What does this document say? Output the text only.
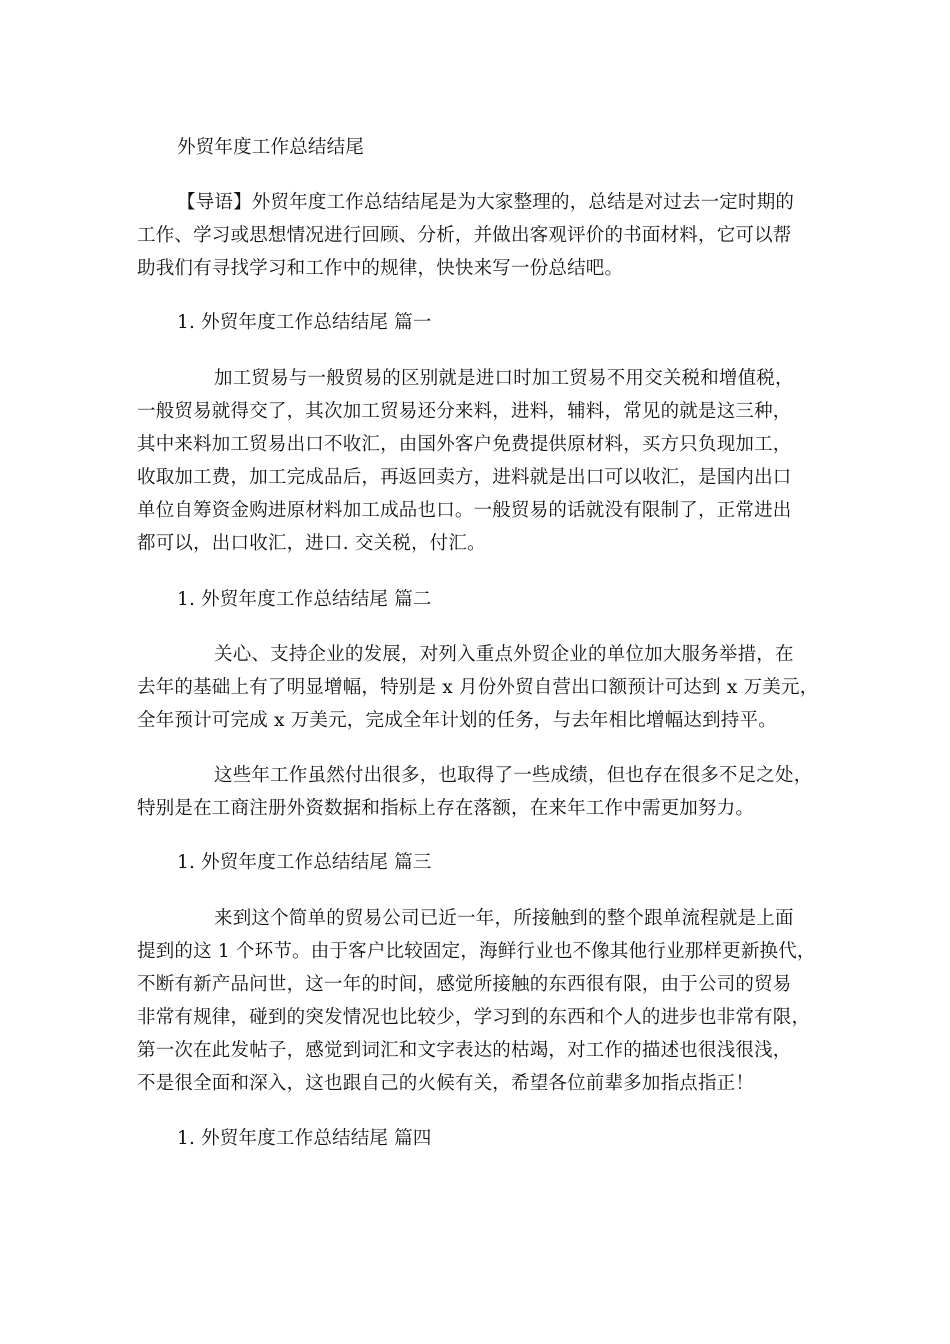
外贸年度工作总结结尾
【导语】外贸年度工作总结结尾是为大家整理的，总结是对过去一定时期的
工作、学习或思想情况进行回顾、分析，并做出客观评价的书面材料，它可以帮
助我们有寻找学习和工作中的规律，快快来写一份总结吧。
1. 外贸年度工作总结结尾 篇一
加工贸易与一般贸易的区别就是进口时加工贸易不用交关税和增值税，
一般贸易就得交了，其次加工贸易还分来料，进料，辅料，常见的就是这三种，
其中来料加工贸易出口不收汇，由国外客户免费提供原材料，买方只负现加工，
收取加工费，加工完成品后，再返回卖方，进料就是出口可以收汇，是国内出口
单位自筹资金购进原材料加工成品也口。一般贸易的话就没有限制了，正常进出
都可以，出口收汇，进口. 交关税，付汇。
1. 外贸年度工作总结结尾 篇二
关心、支持企业的发展，对列入重点外贸企业的单位加大服务举措，在
去年的基础上有了明显增幅，特别是 x 月份外贸自营出口额预计可达到 x 万美元，
全年预计可完成 x 万美元，完成全年计划的任务，与去年相比增幅达到持平。
这些年工作虽然付出很多，也取得了一些成绩，但也存在很多不足之处，
特别是在工商注册外资数据和指标上存在落额，在来年工作中需更加努力。
1. 外贸年度工作总结结尾 篇三
来到这个简单的贸易公司已近一年，所接触到的整个跟单流程就是上面
提到的这 1 个环节。由于客户比较固定，海鲜行业也不像其他行业那样更新换代，
不断有新产品问世，这一年的时间，感觉所接触的东西很有限，由于公司的贸易
非常有规律，碰到的突发情况也比较少，学习到的东西和个人的进步也非常有限，
第一次在此发帖子，感觉到词汇和文字表达的枯竭，对工作的描述也很浅很浅，
不是很全面和深入，这也跟自己的火候有关，希望各位前辈多加指点指正！
1. 外贸年度工作总结结尾 篇四
